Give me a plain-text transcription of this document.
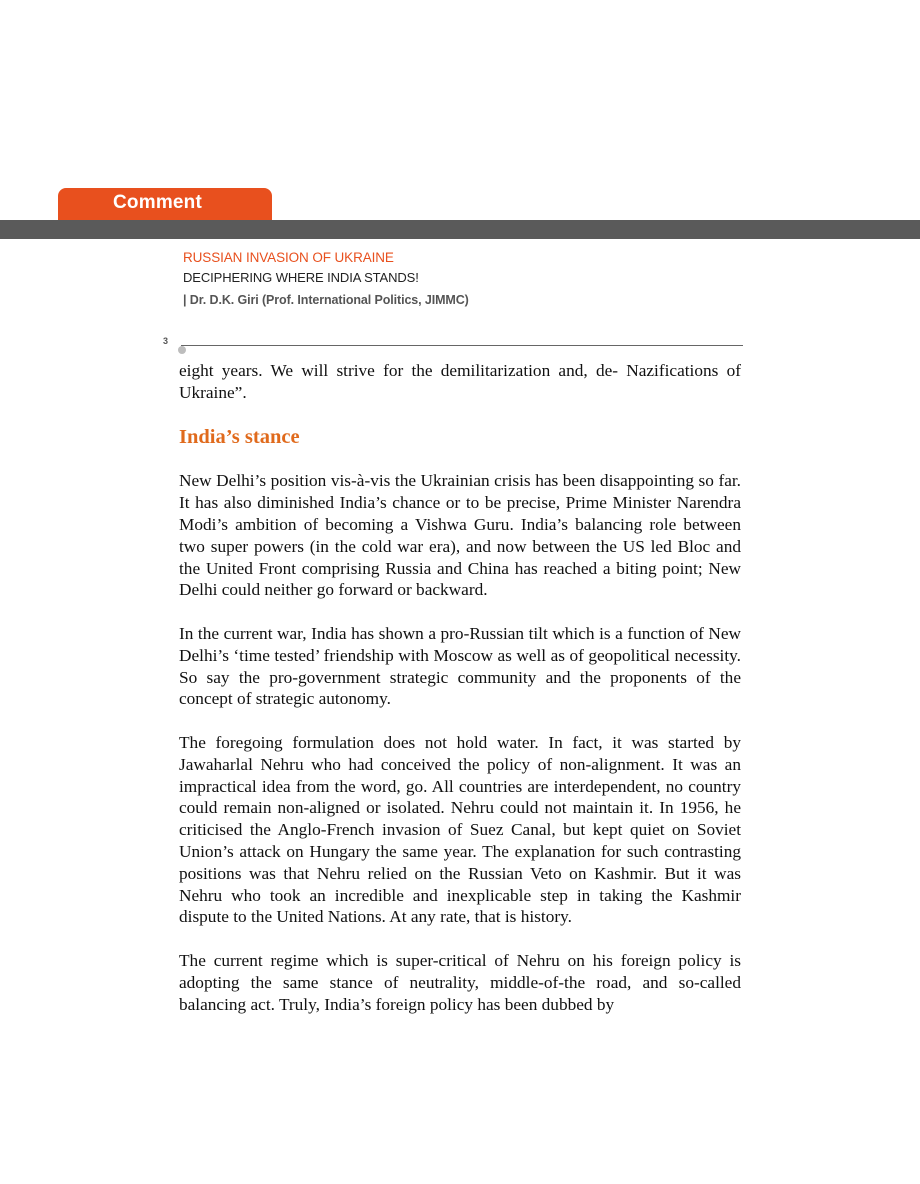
Comment
RUSSIAN INVASION OF UKRAINE
DECIPHERING WHERE INDIA STANDS!
| Dr. D.K. Giri (Prof. International Politics, JIMMC)
3

eight years. We will strive for the demilitarization and, de- Nazifications of Ukraine”.

India’s stance

New Delhi’s position vis-à-vis the Ukrainian crisis has been disappointing so far. It has also diminished India’s chance or to be precise, Prime Minister Narendra Modi’s ambition of becoming a Vishwa Guru. India’s balancing role between two super powers (in the cold war era), and now between the US led Bloc and the United Front comprising Russia and China has reached a biting point; New Delhi could neither go forward or backward.

In the current war, India has shown a pro-Russian tilt which is a function of New Delhi’s ‘time tested’ friendship with Moscow as well as of geopolitical necessity. So say the pro-government strategic community and the proponents of the concept of strategic autonomy.

The foregoing formulation does not hold water. In fact, it was started by Jawaharlal Nehru who had conceived the policy of non-alignment. It was an impractical idea from the word, go. All countries are interdependent, no country could remain non-aligned or isolated. Nehru could not maintain it. In 1956, he criticised the Anglo-French invasion of Suez Canal, but kept quiet on Soviet Union’s attack on Hungary the same year. The explanation for such contrasting positions was that Nehru relied on the Russian Veto on Kashmir. But it was Nehru who took an incredible and inexplicable step in taking the Kashmir dispute to the United Nations. At any rate, that is history.

The current regime which is super-critical of Nehru on his foreign policy is adopting the same stance of neutrality, middle-of-the road, and so-called balancing act. Truly, India’s foreign policy has been dubbed by
